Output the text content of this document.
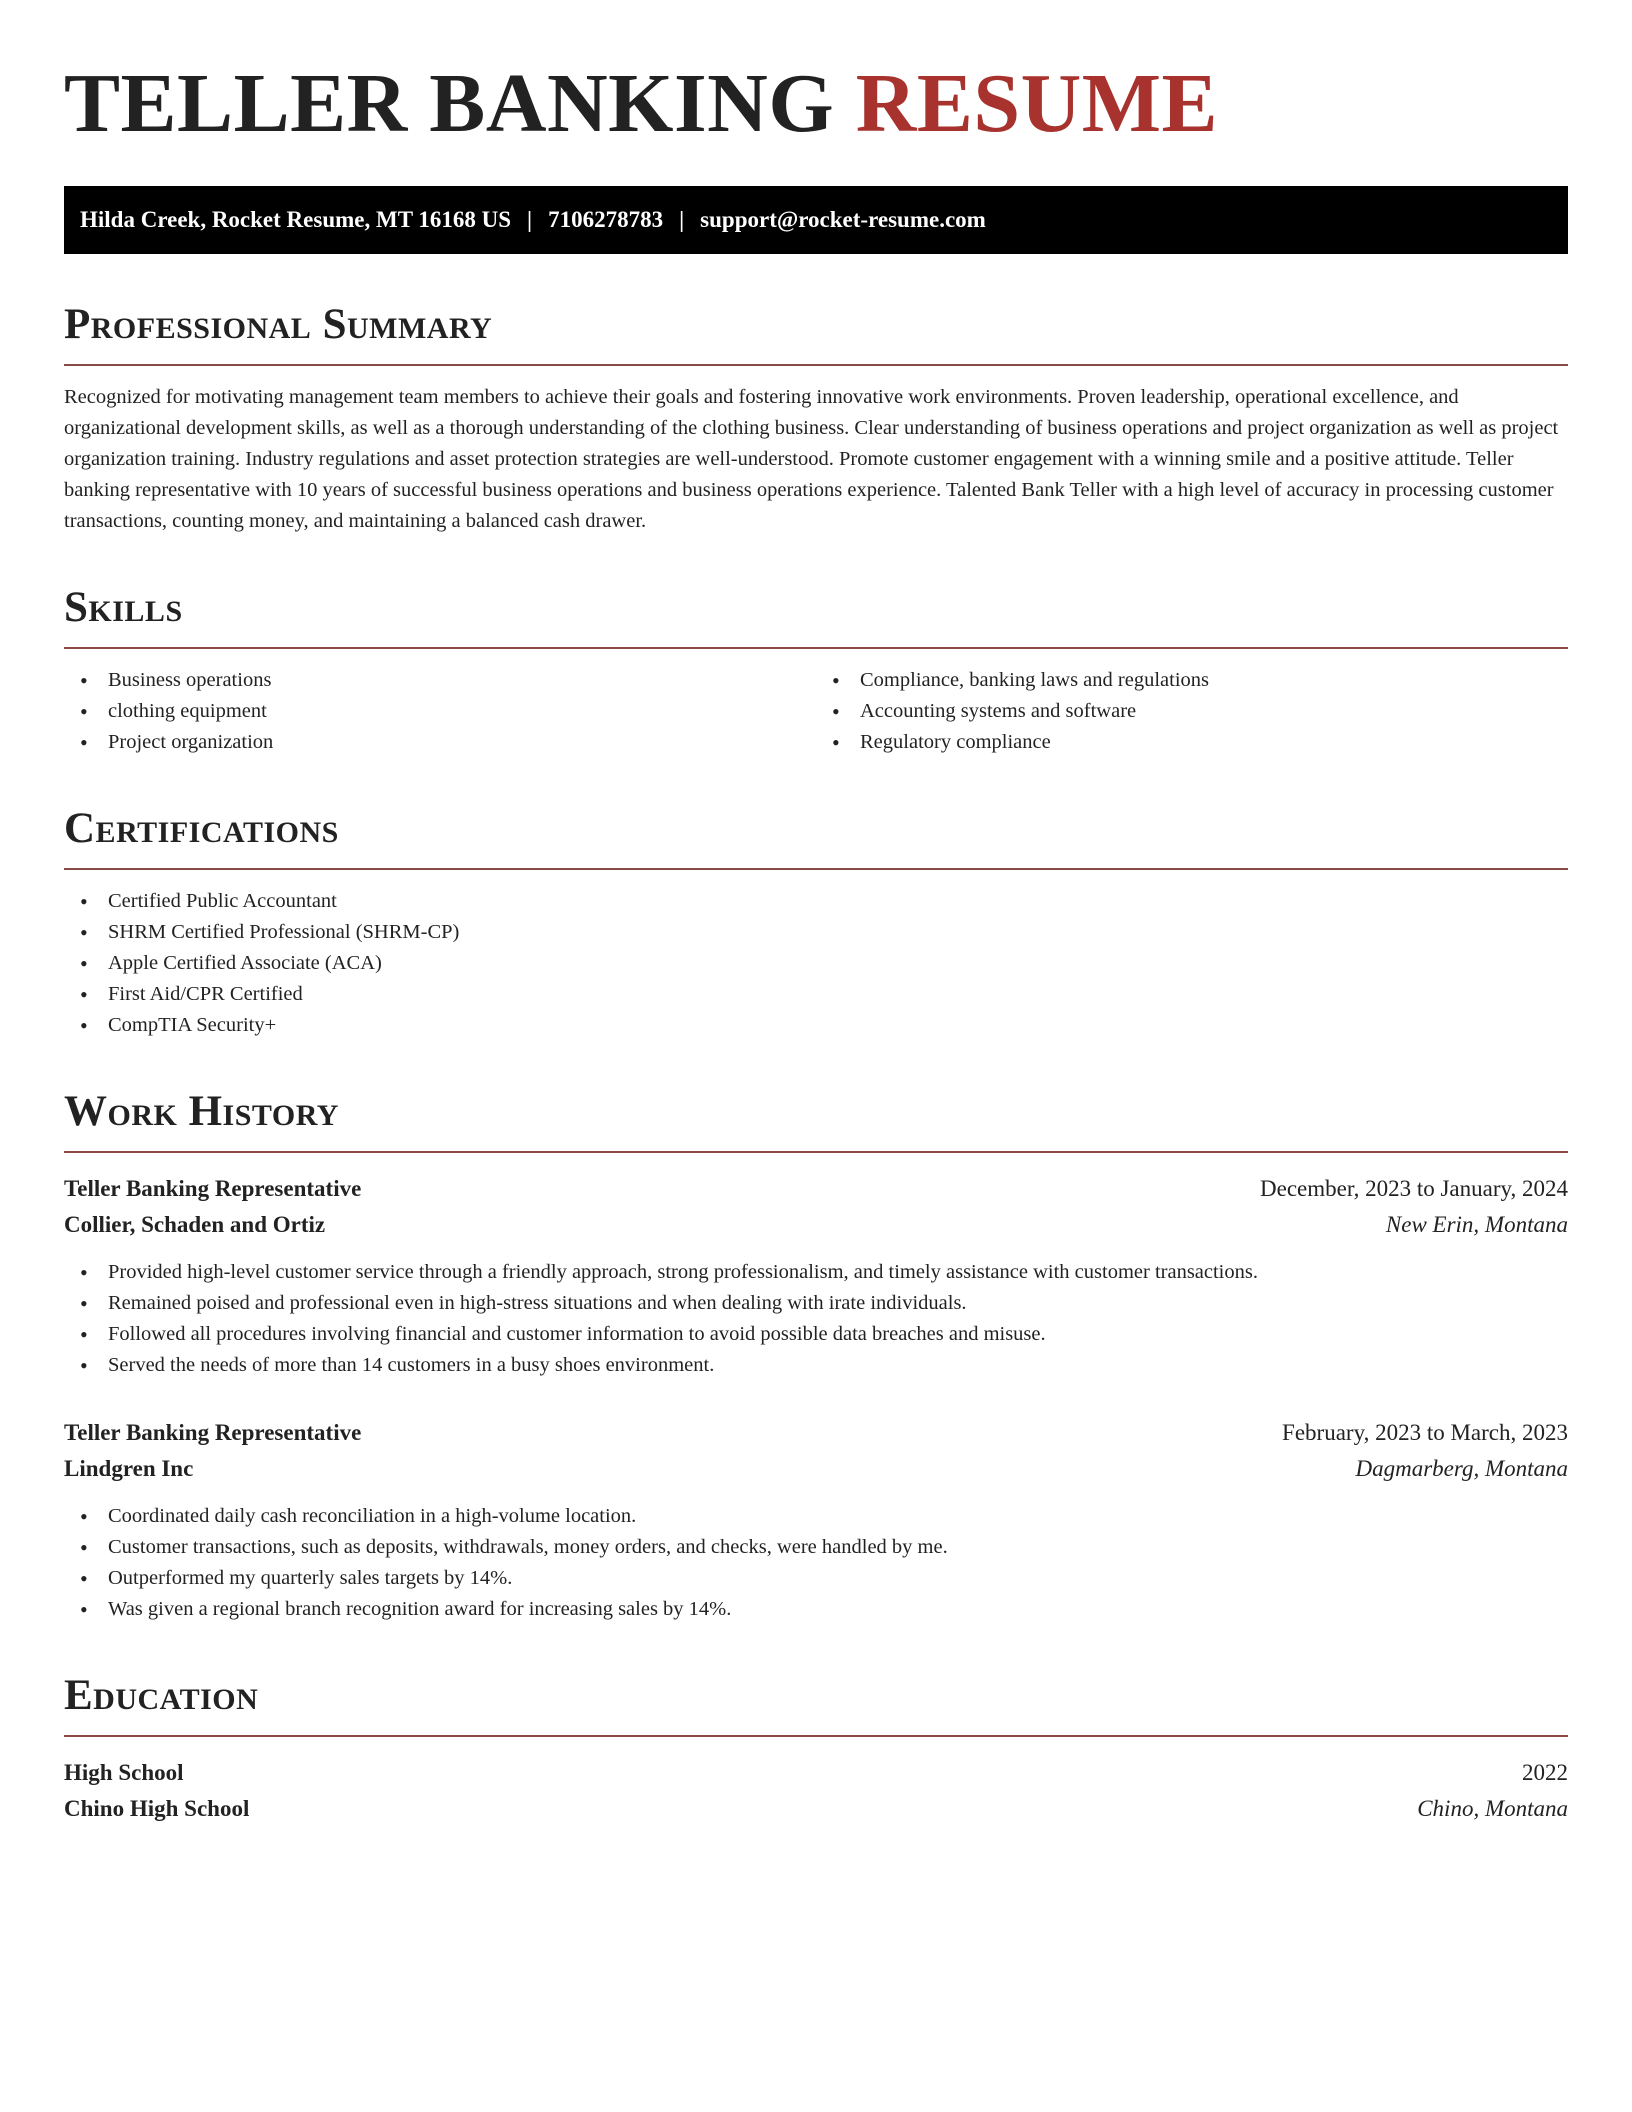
TELLER BANKING RESUME
Hilda Creek, Rocket Resume, MT 16168 US | 7106278783 | support@rocket-resume.com
Professional Summary

Recognized for motivating management team members to achieve their goals and fostering innovative work environments. Proven leadership, operational excellence, and organizational development skills, as well as a thorough understanding of the clothing business. Clear understanding of business operations and project organization as well as project organization training. Industry regulations and asset protection strategies are well-understood. Promote customer engagement with a winning smile and a positive attitude. Teller banking representative with 10 years of successful business operations and business operations experience. Talented Bank Teller with a high level of accuracy in processing customer transactions, counting money, and maintaining a balanced cash drawer.

Skills
• Business operations
• clothing equipment
• Project organization
• Compliance, banking laws and regulations
• Accounting systems and software
• Regulatory compliance
Certifications
• Certified Public Accountant
• SHRM Certified Professional (SHRM-CP)
• Apple Certified Associate (ACA)
• First Aid/CPR Certified
• CompTIA Security+
Work History
Teller Banking Representative	December, 2023 to January, 2024
Collier, Schaden and Ortiz	New Erin, Montana
• Provided high-level customer service through a friendly approach, strong professionalism, and timely assistance with customer transactions.
• Remained poised and professional even in high-stress situations and when dealing with irate individuals.
• Followed all procedures involving financial and customer information to avoid possible data breaches and misuse.
• Served the needs of more than 14 customers in a busy shoes environment.
Teller Banking Representative	February, 2023 to March, 2023
Lindgren Inc	Dagmarberg, Montana
• Coordinated daily cash reconciliation in a high-volume location.
• Customer transactions, such as deposits, withdrawals, money orders, and checks, were handled by me.
• Outperformed my quarterly sales targets by 14%.
• Was given a regional branch recognition award for increasing sales by 14%.
Education
High School	2022
Chino High School	Chino, Montana
